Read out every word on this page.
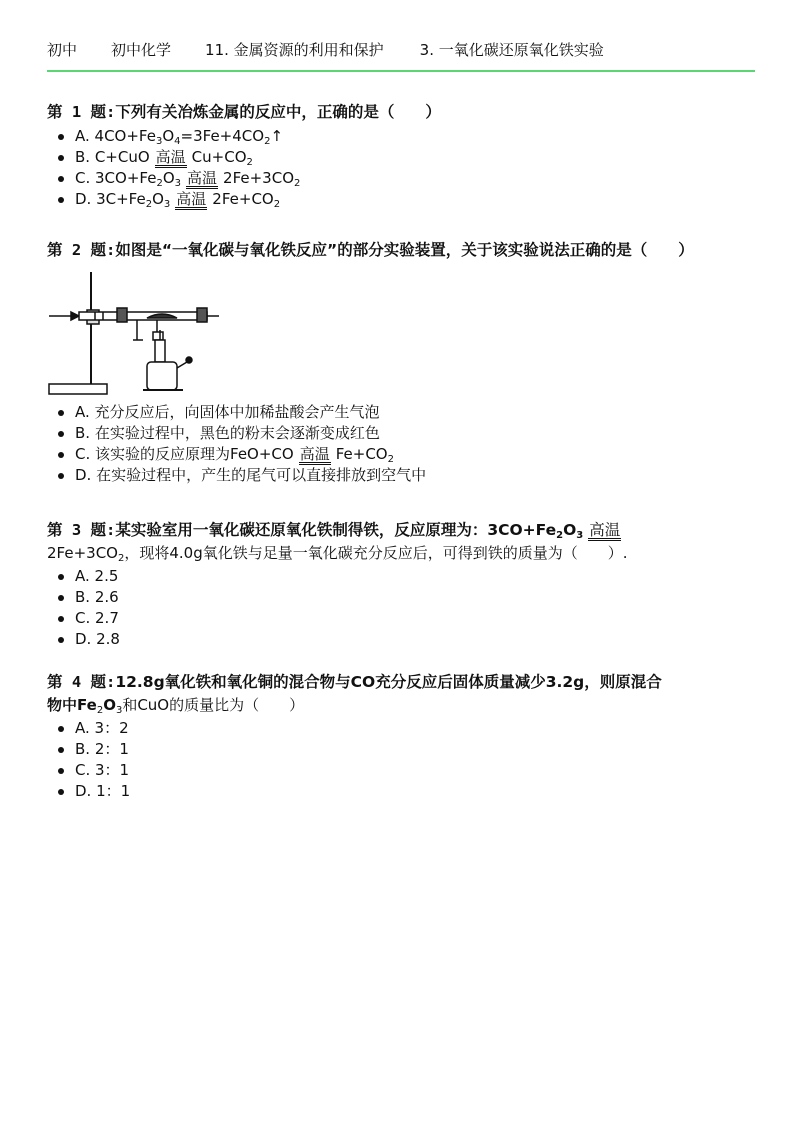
初中 初中化学 11. 金属资源的利用和保护 3. 一氧化碳还原氧化铁实验
第 1 题:下列有关冶炼金属的反应中，正确的是（　　）
A. $4CO+Fe_3O_4=3Fe+4CO_2↑$
B. C+CuO 高温 $Cu+CO_2$
C. $3CO+Fe_2O_3$ 高温 $2Fe+3CO_2$
D. $3C+Fe_2O_3$ 高温 $2Fe+CO_2$
第 2 题:如图是“一氧化碳与氧化铁反应”的部分实验装置，关于该实验说法正确的是（　　）
A. 充分反应后，向固体中加稀盐酸会产生气泡
B. 在实验过程中，黑色的粉末会逐渐变成红色
C. 该实验的反应原理为FeO+CO 高温 $Fe+CO_2$
D. 在实验过程中，产生的尾气可以直接排放到空气中
第 3 题:某实验室用一氧化碳还原氧化铁制得铁，反应原理为：$3CO+Fe_2O_3$ 高温
$2Fe+3CO_2$，现将4.0g氧化铁与足量一氧化碳充分反应后，可得到铁的质量为（　　）.
A. 2.5
B. 2.6
C. 2.7
D. 2.8
第 4 题:12.8g氧化铁和氧化铜的混合物与CO充分反应后固体质量减少3.2g，则原混合
物中$Fe_2O_3$和CuO的质量比为（　　）
A. 3：2
B. 2：1
C. 3：1
D. 1：1
